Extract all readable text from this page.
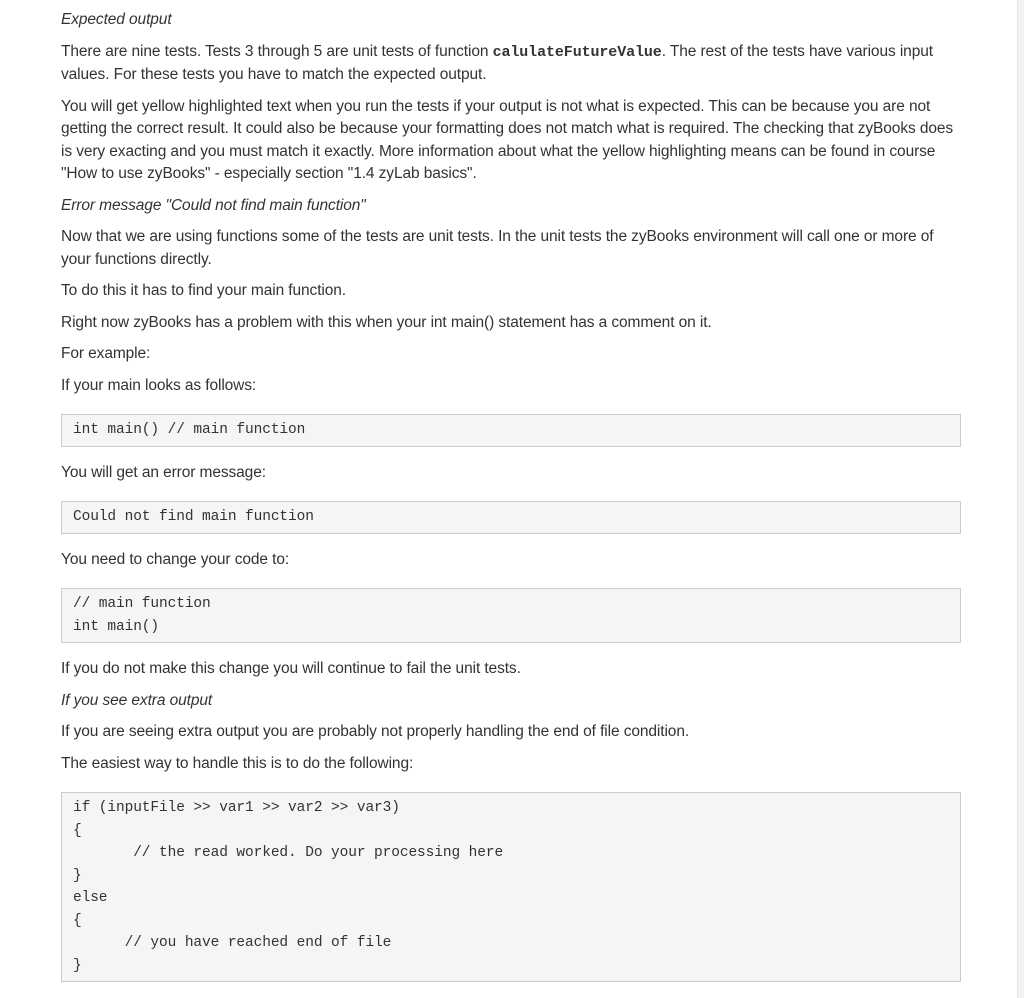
Expected output

There are nine tests. Tests 3 through 5 are unit tests of function calulateFutureValue. The rest of the tests have various input values. For these tests you have to match the expected output.

You will get yellow highlighted text when you run the tests if your output is not what is expected. This can be because you are not getting the correct result. It could also be because your formatting does not match what is required. The checking that zyBooks does is very exacting and you must match it exactly. More information about what the yellow highlighting means can be found in course "How to use zyBooks" - especially section "1.4 zyLab basics".

Error message "Could not find main function"

Now that we are using functions some of the tests are unit tests. In the unit tests the zyBooks environment will call one or more of your functions directly.

To do this it has to find your main function.

Right now zyBooks has a problem with this when your int main() statement has a comment on it.

For example:

If your main looks as follows:

int main() // main function

You will get an error message:

Could not find main function

You need to change your code to:

// main function
int main()

If you do not make this change you will continue to fail the unit tests.

If you see extra output

If you are seeing extra output you are probably not properly handling the end of file condition.

The easiest way to handle this is to do the following:

if (inputFile >> var1 >> var2 >> var3)
{
// the read worked. Do your processing here
}
else
{
// you have reached end of file
}
